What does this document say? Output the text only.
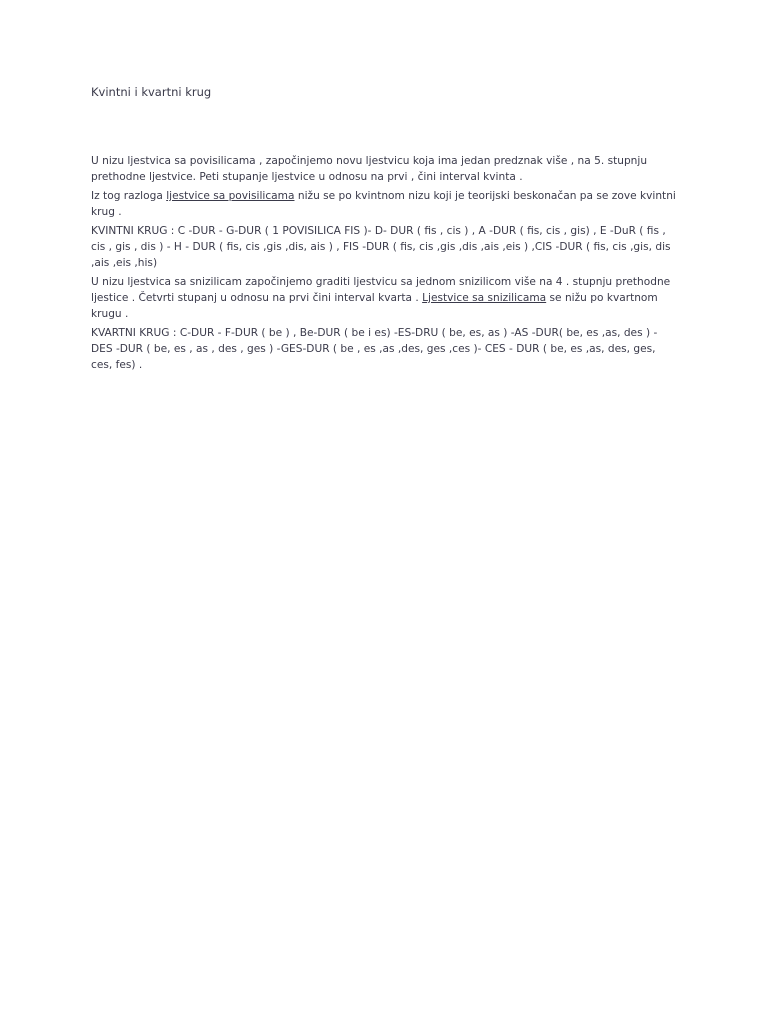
Kvintni i kvartni krug

U nizu ljestvica sa povisilicama , započinjemo novu ljestvicu koja ima jedan predznak više , na 5. stupnju prethodne ljestvice. Peti stupanje ljestvice u odnosu na prvi , čini interval kvinta .

Iz tog razloga ljestvice sa povisilicama nižu se po kvintnom nizu koji je teorijski beskonačan pa se zove kvintni krug .

KVINTNI KRUG : C -DUR - G-DUR ( 1 POVISILICA FIS )- D- DUR ( fis , cis ) , A -DUR ( fis, cis , gis) , E -DuR ( fis , cis , gis , dis ) - H - DUR ( fis, cis ,gis ,dis, ais ) , FIS -DUR ( fis, cis ,gis ,dis ,ais ,eis ) ,CIS -DUR ( fis, cis ,gis, dis ,ais ,eis ,his)

U nizu ljestvica sa snizilicam započinjemo graditi ljestvicu sa jednom snizilicom više na 4 . stupnju prethodne ljestice . Četvrti stupanj u odnosu na prvi čini interval kvarta . Ljestvice sa snizilicama se nižu po kvartnom krugu .

KVARTNI KRUG : C-DUR - F-DUR ( be ) , Be-DUR ( be i es) -ES-DRU ( be, es, as ) -AS -DUR( be, es ,as, des ) - DES -DUR ( be, es , as , des , ges ) -GES-DUR ( be , es ,as ,des, ges ,ces )- CES - DUR ( be, es ,as, des, ges, ces, fes) .
